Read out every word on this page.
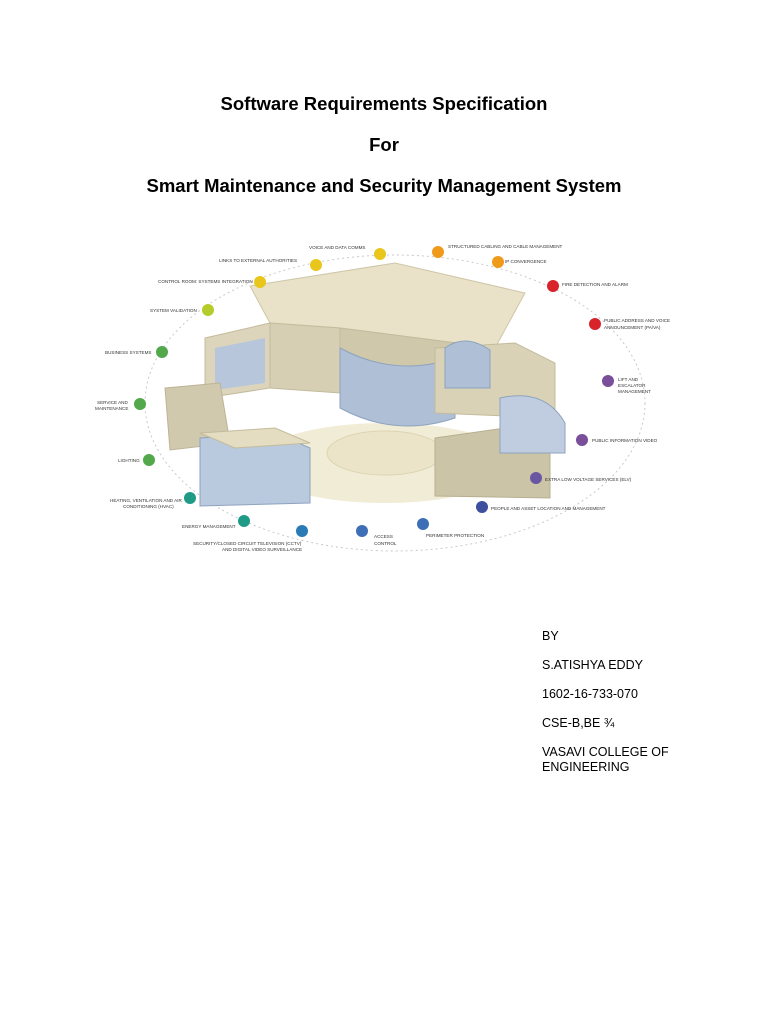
Software Requirements Specification
For
Smart Maintenance and Security Management System
VOICE AND DATA COMMS	STRUCTURED CABLING AND CABLE MANAGEMENT
LINKS TO EXTERNAL AUTHORITIES	IP CONVERGENCE
CONTROL ROOM: SYSTEMS INTEGRATION
FIRE DETECTION AND ALARM
SYSTEM VALIDATION
PUBLIC ADDRESS AND VOICE
ANNOUNCEMENT (PA/VA)
BUSINESS SYSTEMS
LIFT AND
ESCALATOR
MANAGEMENT
SERVICE AND
MAINTENANCE
PUBLIC INFORMATION VIDEO
LIGHTING
EXTRA LOW VOLTAGE SERVICES (ELV)
HEATING, VENTILATION AND AIR
CONDITIONING (HVAC)	PEOPLE AND ASSET LOCATION AND MANAGEMENT
ENERGY MANAGEMENT
SECURITY/CLOSED CIRCUIT TELEVISION (CCTV)
AND DIGITAL VIDEO SURVEILLANCE
ACCESS
CONTROL
PERIMETER PROTECTION
BY
S.ATISHYA EDDY
1602-16-733-070
CSE-B,BE ¾
VASAVI COLLEGE OF
ENGINEERING
